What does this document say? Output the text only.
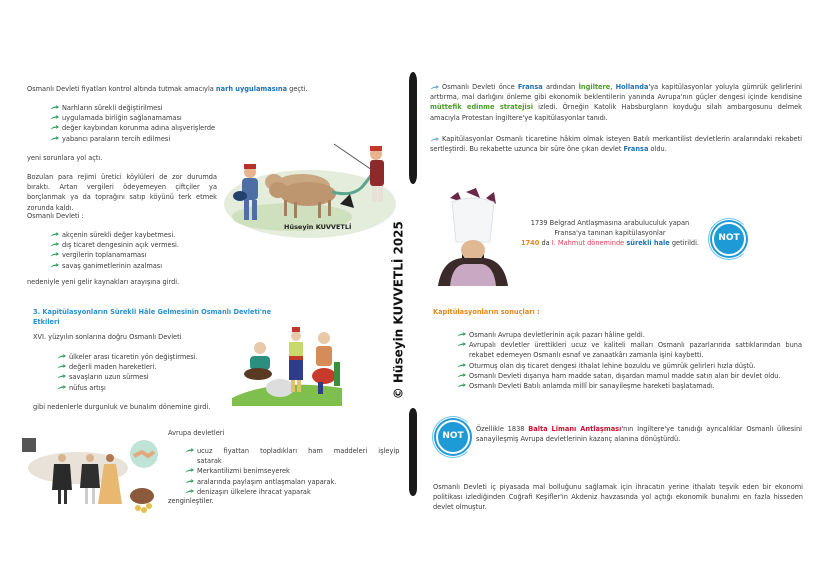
Osmanlı Devleti fiyatları kontrol altında tutmak amacıyla narh uygulamasına geçti.
Narhların sürekli değiştirilmesi
uygulamada birliğin sağlanamaması
değer kaybından korunma adına alışverişlerde
yabancı paraların tercih edilmesi
yeni sorunlara yol açtı.
Bozulan para rejimi üretici köylüleri de zor durumda bıraktı. Artan vergileri ödeyemeyen çiftçiler ya borçlanmak ya da toprağını satıp köyünü terk etmek zorunda kaldı.
Osmanlı Devleti :
akçenin sürekli değer kaybetmesi.
dış ticaret dengesinin açık vermesi.
vergilerin toplanamaması
savaş ganimetlerinin azalması
nedeniyle yeni gelir kaynakları arayışına girdi.
Hüseyin KUVVETLİ
3. Kapitülasyonların Sürekli Hâle Gelmesinin Osmanlı Devleti'ne Etkileri
XVI. yüzyılın sonlarına doğru Osmanlı Devleti
ülkeler arası ticaretin yön değiştirmesi.
değerli maden hareketleri.
savaşların uzun sürmesi
nüfus artışı
gibi nedenlerle durgunluk ve bunalım dönemine girdi.
Avrupa devletleri
ucuz fiyattan topladıkları ham maddeleri işleyip satarak
Merkantilizmi benimseyerek
aralarında paylaşım antlaşmaları yaparak.
denizaşırı ülkelere ihracat yaparak
zenginleştiler.
© Hüseyin KUVVETLİ 2025
Osmanlı Devleti önce Fransa ardından İngiltere, Hollanda'ya kapitülasyonlar yoluyla gümrük gelirlerini arttırma, mal darlığını önleme gibi ekonomik beklentilerin yanında Avrupa'nın güçler dengesi içinde kendisine müttefik edinme stratejisi izledi. Örneğin Katolik Habsburgların koyduğu silah ambargosunu delmek amacıyla Protestan İngiltere'ye kapitülasyonlar tanıdı.
Kapitülasyonlar Osmanlı ticaretine hâkim olmak isteyen Batılı merkantilist devletlerin aralarındaki rekabeti sertleştirdi. Bu rekabette uzunca bir süre öne çıkan devlet Fransa oldu.
1739 Belgrad Antlaşmasına arabuluculuk yapan
Fransa'ya tanınan kapitülasyonlar
1740 da I. Mahmut döneminde sürekli hale getirildi.
NOT
Kapitülasyonların sonuçları :
Osmanlı Avrupa devletlerinin açık pazarı hâline geldi.
Avrupalı devletler ürettikleri ucuz ve kaliteli malları Osmanlı pazarlarında sattıklarından buna rekabet edemeyen Osmanlı esnaf ve zanaatkârı zamanla işini kaybetti.
Oturmuş olan dış ticaret dengesi ithalat lehine bozuldu ve gümrük gelirleri hızla düştü.
Osmanlı Devleti dışarıya ham madde satan, dışardan mamul madde satın alan bir devlet oldu.
Osmanlı Devleti Batılı anlamda millî bir sanayileşme hareketi başlatamadı.
NOT
Özellikle 1838 Balta Limanı Antlaşması'nın İngiltere'ye tanıdığı ayrıcalıklar Osmanlı ülkesini sanayileşmiş Avrupa devletlerinin kazanç alanına dönüştürdü.
Osmanlı Devleti iç piyasada mal bolluğunu sağlamak için ihracatın yerine ithalatı teşvik eden bir ekonomi politikası izlediğinden Coğrafi Keşifler'in Akdeniz havzasında yol açtığı ekonomik bunalımı en fazla hisseden devlet olmuştur.
